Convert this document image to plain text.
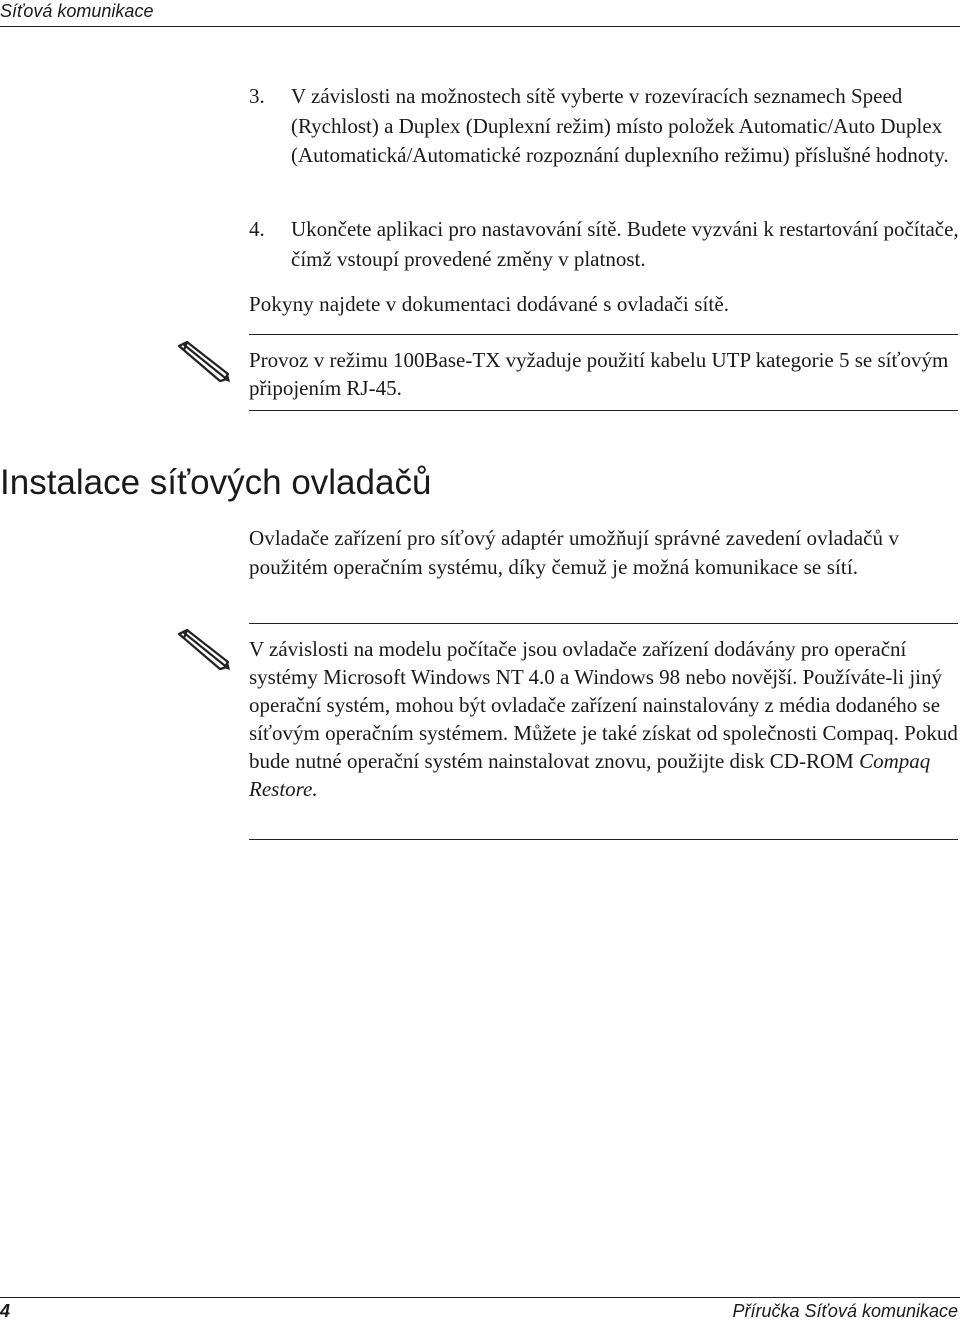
Síťová komunikace
3. V závislosti na možnostech sítě vyberte v rozevíracích seznamech Speed (Rychlost) a Duplex (Duplexní režim) místo položek Automatic/Auto Duplex (Automatická/Automatické rozpoznání duplexního režimu) příslušné hodnoty.
4. Ukončete aplikaci pro nastavování sítě. Budete vyzváni k restartování počítače, čímž vstoupí provedené změny v platnost.
Pokyny najdete v dokumentaci dodávané s ovladači sítě.
Provoz v režimu 100Base-TX vyžaduje použití kabelu UTP kategorie 5 se síťovým připojením RJ-45.
Instalace síťových ovladačů
Ovladače zařízení pro síťový adaptér umožňují správné zavedení ovladačů v použitém operačním systému, díky čemuž je možná komunikace se sítí.
V závislosti na modelu počítače jsou ovladače zařízení dodávány pro operační systémy Microsoft Windows NT 4.0 a Windows 98 nebo novější. Používáte-li jiný operační systém, mohou být ovladače zařízení nainstalovány z média dodaného se síťovým operačním systémem. Můžete je také získat od společnosti Compaq. Pokud bude nutné operační systém nainstalovat znovu, použijte disk CD-ROM Compaq Restore.
4	Příručka Síťová komunikace
